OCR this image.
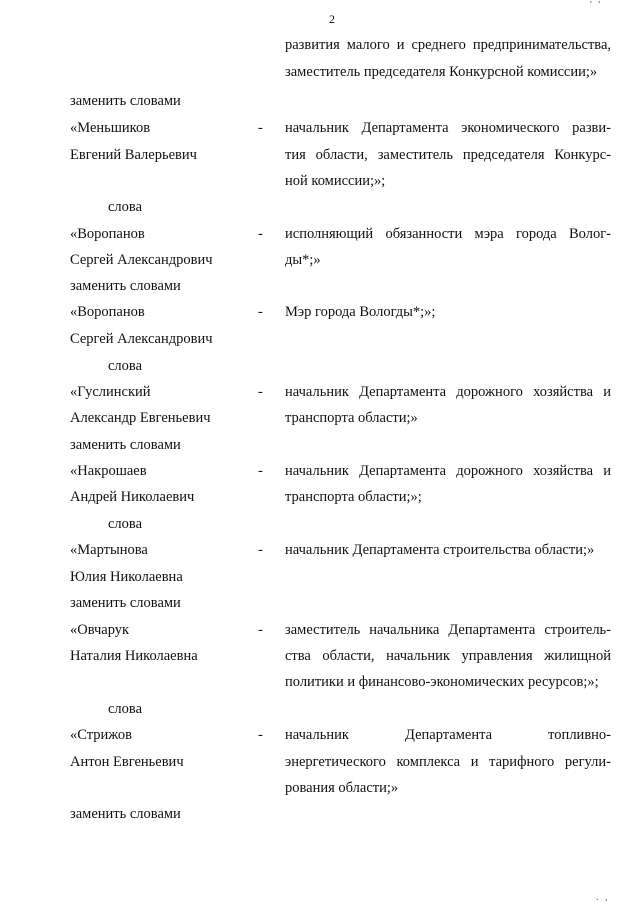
2
' '
. ,
развития малого и среднего предпринимательства,
заместитель председателя Конкурсной комиссии;»
заменить словами
«Меньшиков	- начальник Департамента экономического разви-
Евгений Валерьевич	тия области, заместитель председателя Конкурс-
ной комиссии;»;
слова
«Воропанов	- исполняющий обязанности мэра города Волог-
Сергей Александрович	ды*;»
заменить словами
«Воропанов	- Мэр города Вологды*;»;
Сергей Александрович
слова
«Гуслинский	- начальник Департамента дорожного хозяйства и
Александр Евгеньевич	транспорта области;»
заменить словами
«Накрошаев	- начальник Департамента дорожного хозяйства и
Андрей Николаевич	транспорта области;»;
слова
«Мартынова	- начальник Департамента строительства области;»
Юлия Николаевна
заменить словами
«Овчарук	- заместитель начальника Департамента строитель-
Наталия Николаевна	ства области, начальник управления жилищной
политики и финансово-экономических ресурсов;»;
слова
«Стрижов	- начальник Департамента топливно-
Антон Евгеньевич	энергетического комплекса и тарифного регули-
рования области;»
заменить словами
